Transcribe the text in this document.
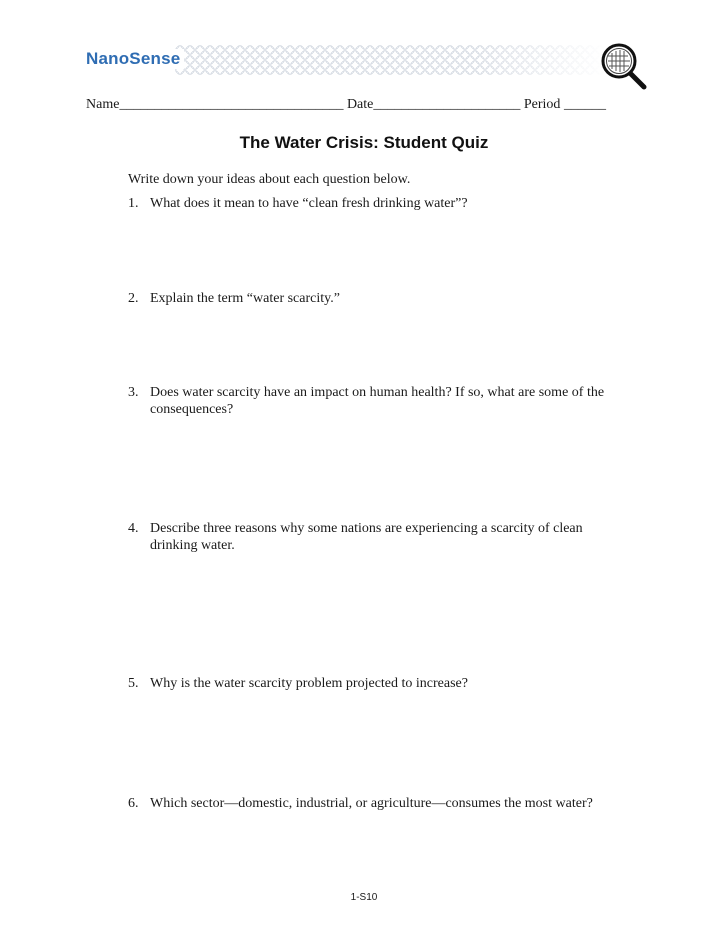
NanoSense
Name________________________________ Date_____________________ Period ______
The Water Crisis: Student Quiz
Write down your ideas about each question below.
1. What does it mean to have “clean fresh drinking water”?
2. Explain the term “water scarcity.”
3. Does water scarcity have an impact on human health? If so, what are some of the consequences?
4. Describe three reasons why some nations are experiencing a scarcity of clean drinking water.
5. Why is the water scarcity problem projected to increase?
6. Which sector—domestic, industrial, or agriculture—consumes the most water?
1-S10
